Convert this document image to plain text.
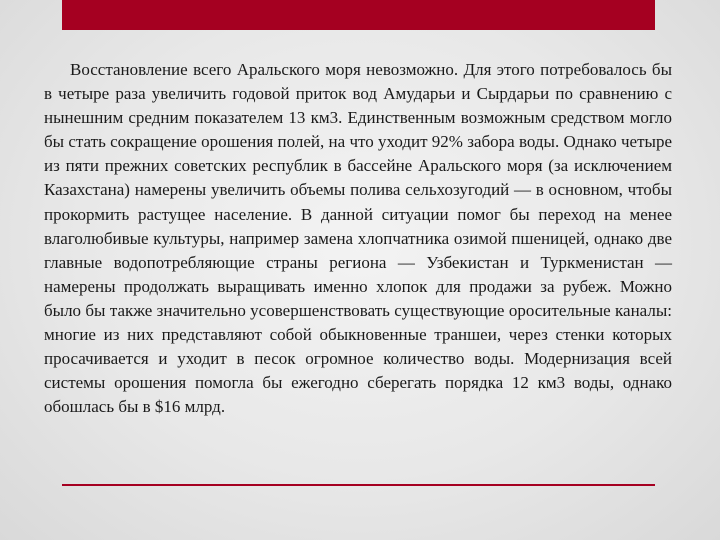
Восстановление всего Аральского моря невозможно. Для этого потребовалось бы в четыре раза увеличить годовой приток вод Амударьи и Сырдарьи по сравнению с нынешним средним показателем 13 км3. Единственным возможным средством могло бы стать сокращение орошения полей, на что уходит 92% забора воды. Однако четыре из пяти прежних советских республик в бассейне Аральского моря (за исключением Казахстана) намерены увеличить объемы полива сельхозугодий — в основном, чтобы прокормить растущее население. В данной ситуации помог бы переход на менее влаголюбивые культуры, например замена хлопчатника озимой пшеницей, однако две главные водопотребляющие страны региона — Узбекистан и Туркменистан — намерены продолжать выращивать именно хлопок для продажи за рубеж. Можно было бы также значительно усовершенствовать существующие оросительные каналы: многие из них представляют собой обыкновенные траншеи, через стенки которых просачивается и уходит в песок огромное количество воды. Модернизация всей системы орошения помогла бы ежегодно сберегать порядка 12 км3 воды, однако обошлась бы в $16 млрд.
